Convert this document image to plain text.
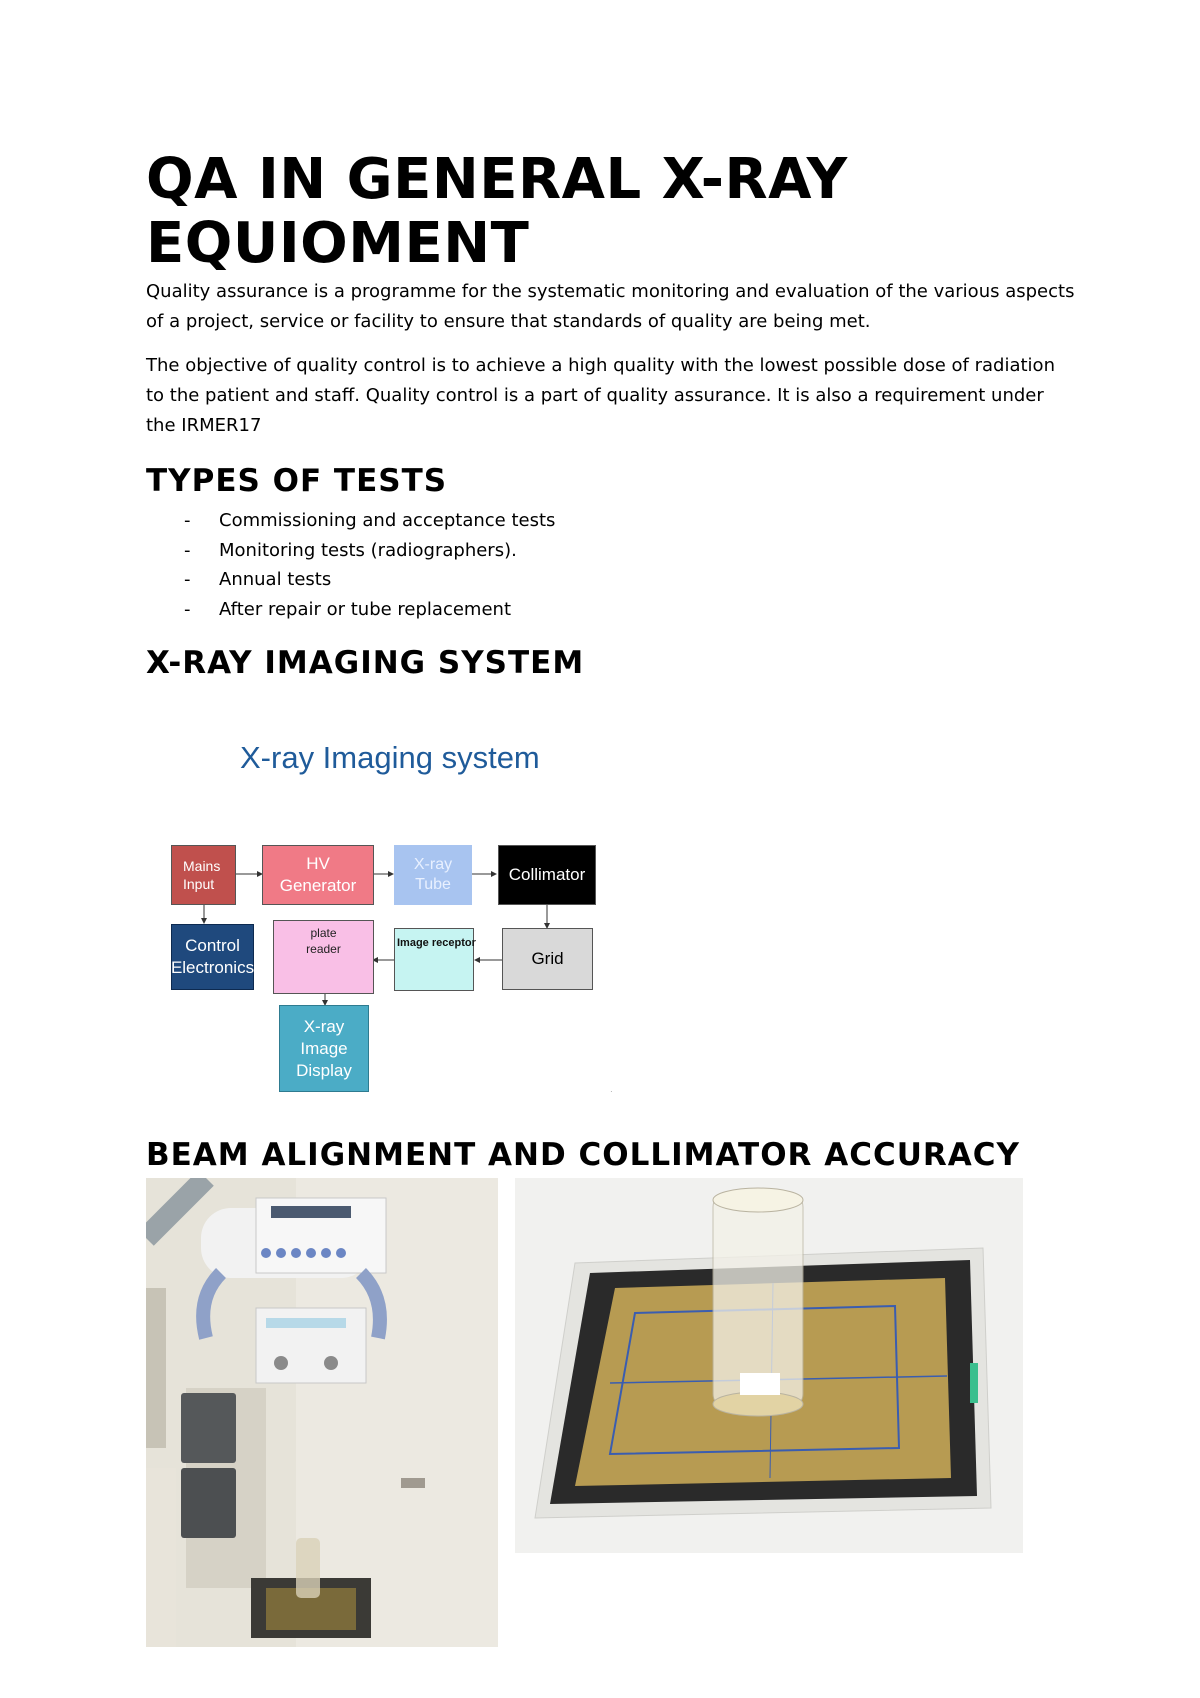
QA IN GENERAL X-RAY EQUIOMENT
Quality assurance is a programme for the systematic monitoring and evaluation of the various aspects of a project, service or facility to ensure that standards of quality are being met.
The objective of quality control is to achieve a high quality with the lowest possible dose of radiation to the patient and staff. Quality control is a part of quality assurance. It is also a requirement under the IRMER17
TYPES OF TESTS
- Commissioning and acceptance tests
- Monitoring tests (radiographers).
- Annual tests
- After repair or tube replacement
X-RAY IMAGING SYSTEM
X-ray Imaging system
·
Mains
Input
HV
Generator
X-ray
Tube
Collimator
Control
Electronics
plate
reader	Image receptor
Grid
X-ray
Image
Display
BEAM ALIGNMENT AND COLLIMATOR ACCURACY
